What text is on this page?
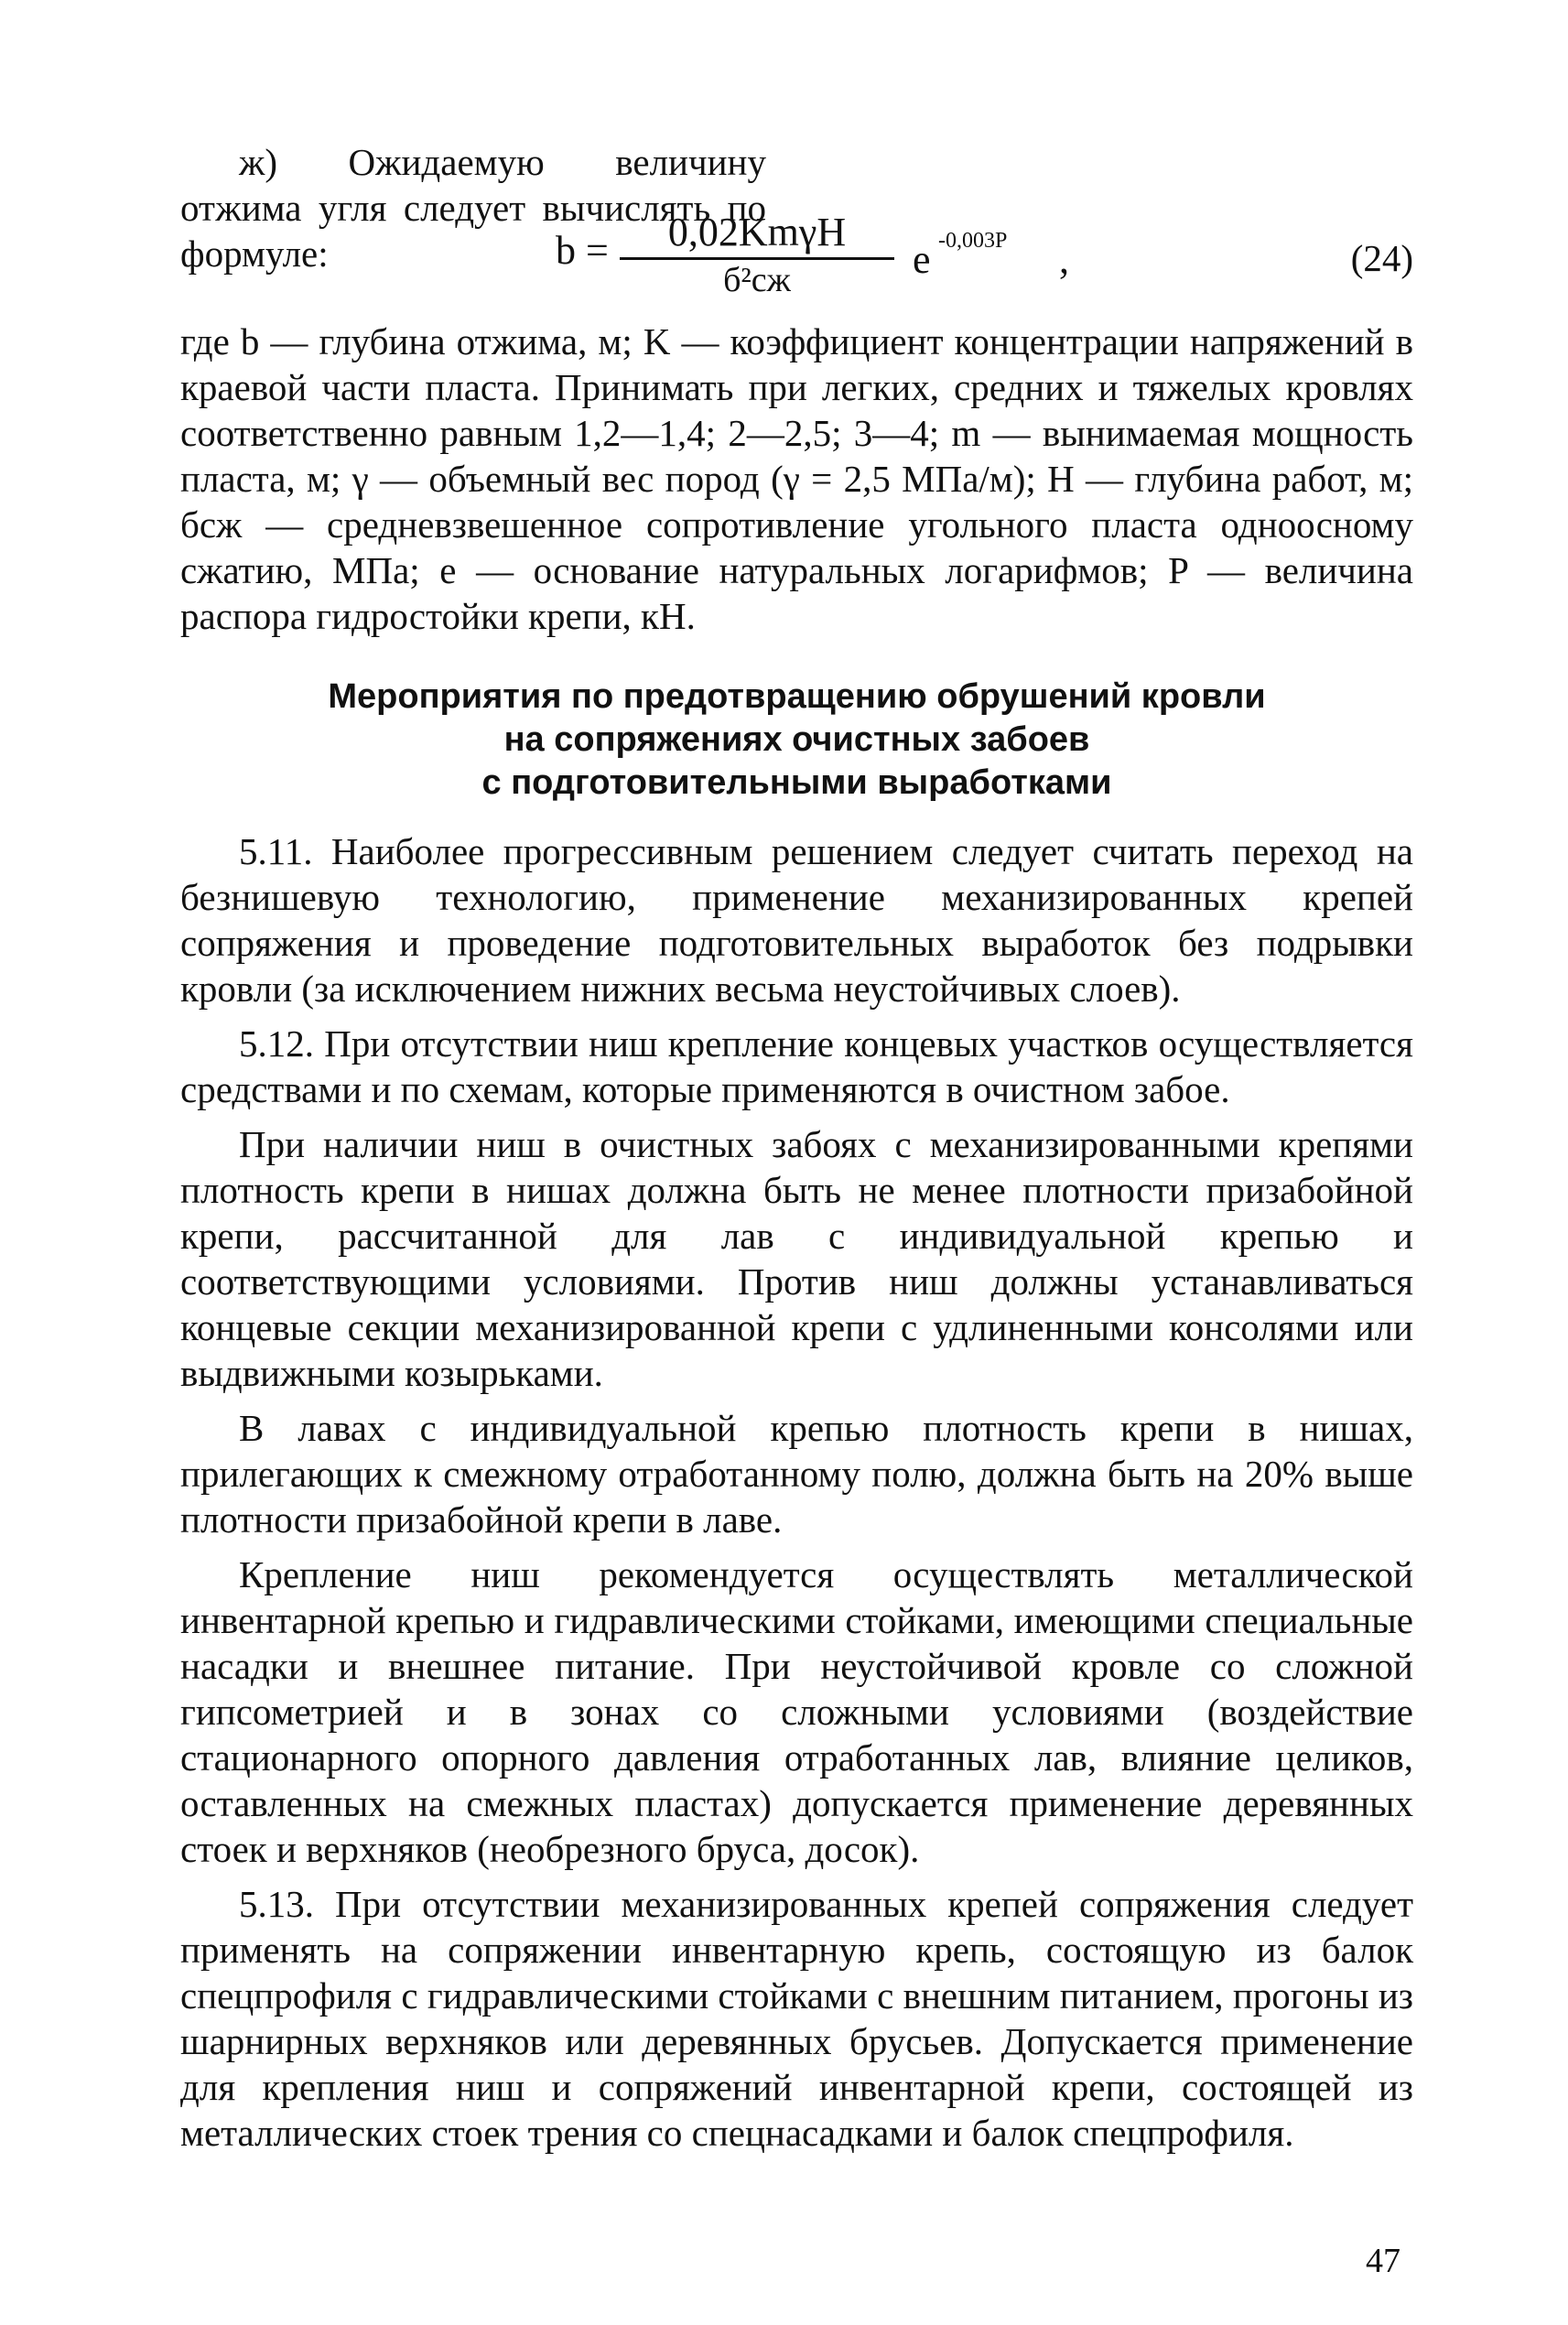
ж) Ожидаемую величину отжима угля следует вычислять по формуле:	b =	0,02KmγH
б²сж	e -0,003P ,	(24)

где b — глубина отжима, м; K — коэффициент концентрации напряжений в краевой части пласта. Принимать при легких, средних и тяжелых кровлях соответственно равным 1,2—1,4; 2—2,5; 3—4; m — вынимаемая мощность пласта, м; γ — объемный вес пород (γ = 2,5 МПа/м); H — глубина работ, м; бсж — средневзвешенное сопротивление угольного пласта одноосному сжатию, МПа; e — основание натуральных логарифмов; P — величина распора гидростойки крепи, кН.

Мероприятия по предотвращению обрушений кровли
на сопряжениях очистных забоев
с подготовительными выработками

5.11. Наиболее прогрессивным решением следует считать переход на безнишевую технологию, применение механизированных крепей сопряжения и проведение подготовительных выработок без подрывки кровли (за исключением нижних весьма неустойчивых слоев).

5.12. При отсутствии ниш крепление концевых участков осуществляется средствами и по схемам, которые применяются в очистном забое.

При наличии ниш в очистных забоях с механизированными крепями плотность крепи в нишах должна быть не менее плотности призабойной крепи, рассчитанной для лав с индивидуальной крепью и соответствующими условиями. Против ниш должны устанавливаться концевые секции механизированной крепи с удлиненными консолями или выдвижными козырьками.

В лавах с индивидуальной крепью плотность крепи в нишах, прилегающих к смежному отработанному полю, должна быть на 20% выше плотности призабойной крепи в лаве.

Крепление ниш рекомендуется осуществлять металлической инвентарной крепью и гидравлическими стойками, имеющими специальные насадки и внешнее питание. При неустойчивой кровле со сложной гипсометрией и в зонах со сложными условиями (воздействие стационарного опорного давления отработанных лав, влияние целиков, оставленных на смежных пластах) допускается применение деревянных стоек и верхняков (необрезного бруса, досок).

5.13. При отсутствии механизированных крепей сопряжения следует применять на сопряжении инвентарную крепь, состоящую из балок спецпрофиля с гидравлическими стойками с внешним питанием, прогоны из шарнирных верхняков или деревянных брусьев. Допускается применение для крепления ниш и сопряжений инвентарной крепи, состоящей из металлических стоек трения со спецнасадками и балок спецпрофиля.

47
